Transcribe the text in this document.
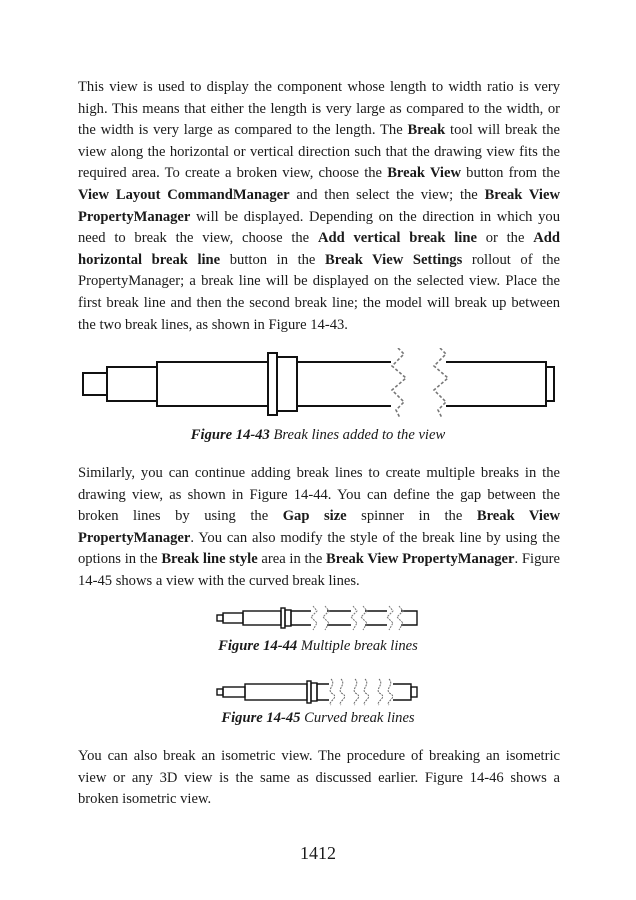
This view is used to display the component whose length to width ratio is very high. This means that either the length is very large as compared to the width, or the width is very large as compared to the length. The Break tool will break the view along the horizontal or vertical direction such that the drawing view fits the required area. To create a broken view, choose the Break View button from the View Layout CommandManager and then select the view; the Break View PropertyManager will be displayed. Depending on the direction in which you need to break the view, choose the Add vertical break line or the Add horizontal break line button in the Break View Settings rollout of the PropertyManager; a break line will be displayed on the selected view. Place the first break line and then the second break line; the model will break up between the two break lines, as shown in Figure 14-43.

Figure 14-43 Break lines added to the view

Similarly, you can continue adding break lines to create multiple breaks in the drawing view, as shown in Figure 14-44. You can define the gap between the broken lines by using the Gap size spinner in the Break View PropertyManager. You can also modify the style of the break line by using the options in the Break line style area in the Break View PropertyManager. Figure 14-45 shows a view with the curved break lines.

Figure 14-44 Multiple break lines

Figure 14-45 Curved break lines

You can also break an isometric view. The procedure of breaking an isometric view or any 3D view is the same as discussed earlier. Figure 14-46 shows a broken isometric view.

1412
